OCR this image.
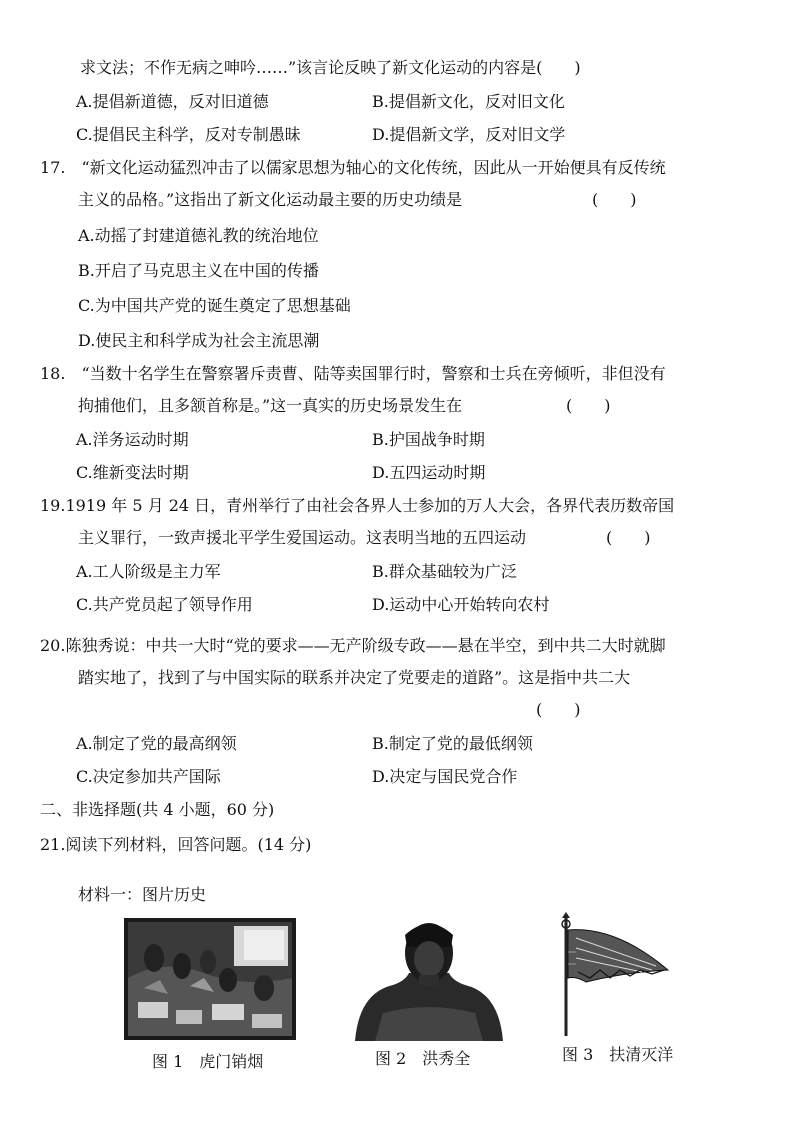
求文法；不作无病之呻吟……”该言论反映了新文化运动的内容是(　　)
A.提倡新道德，反对旧道德	B.提倡新文化，反对旧文化
C.提倡民主科学，反对专制愚昧	D.提倡新文学，反对旧文学
17.　“新文化运动猛烈冲击了以儒家思想为轴心的文化传统，因此从一开始便具有反传统
主义的品格。”这指出了新文化运动最主要的历史功绩是	(　　)
A.动摇了封建道德礼教的统治地位
B.开启了马克思主义在中国的传播
C.为中国共产党的诞生奠定了思想基础
D.使民主和科学成为社会主流思潮
18.　“当数十名学生在警察署斥责曹、陆等卖国罪行时，警察和士兵在旁倾听，非但没有
拘捕他们，且多颔首称是。”这一真实的历史场景发生在	(　　)
A.洋务运动时期	B.护国战争时期
C.维新变法时期	D.五四运动时期
19.1919 年 5 月 24 日，青州举行了由社会各界人士参加的万人大会，各界代表历数帝国
主义罪行，一致声援北平学生爱国运动。这表明当地的五四运动	(　　)
A.工人阶级是主力军	B.群众基础较为广泛
C.共产党员起了领导作用	D.运动中心开始转向农村
20.陈独秀说：中共一大时“党的要求——无产阶级专政——悬在半空，到中共二大时就脚
踏实地了，找到了与中国实际的联系并决定了党要走的道路”。这是指中共二大
(　　)
A.制定了党的最高纲领	B.制定了党的最低纲领
C.决定参加共产国际	D.决定与国民党合作
二、非选择题(共 4 小题，60 分)
21.阅读下列材料，回答问题。(14 分)
材料一：图片历史
图 1　虎门销烟	图 2　洪秀全	图 3　扶清灭洋
